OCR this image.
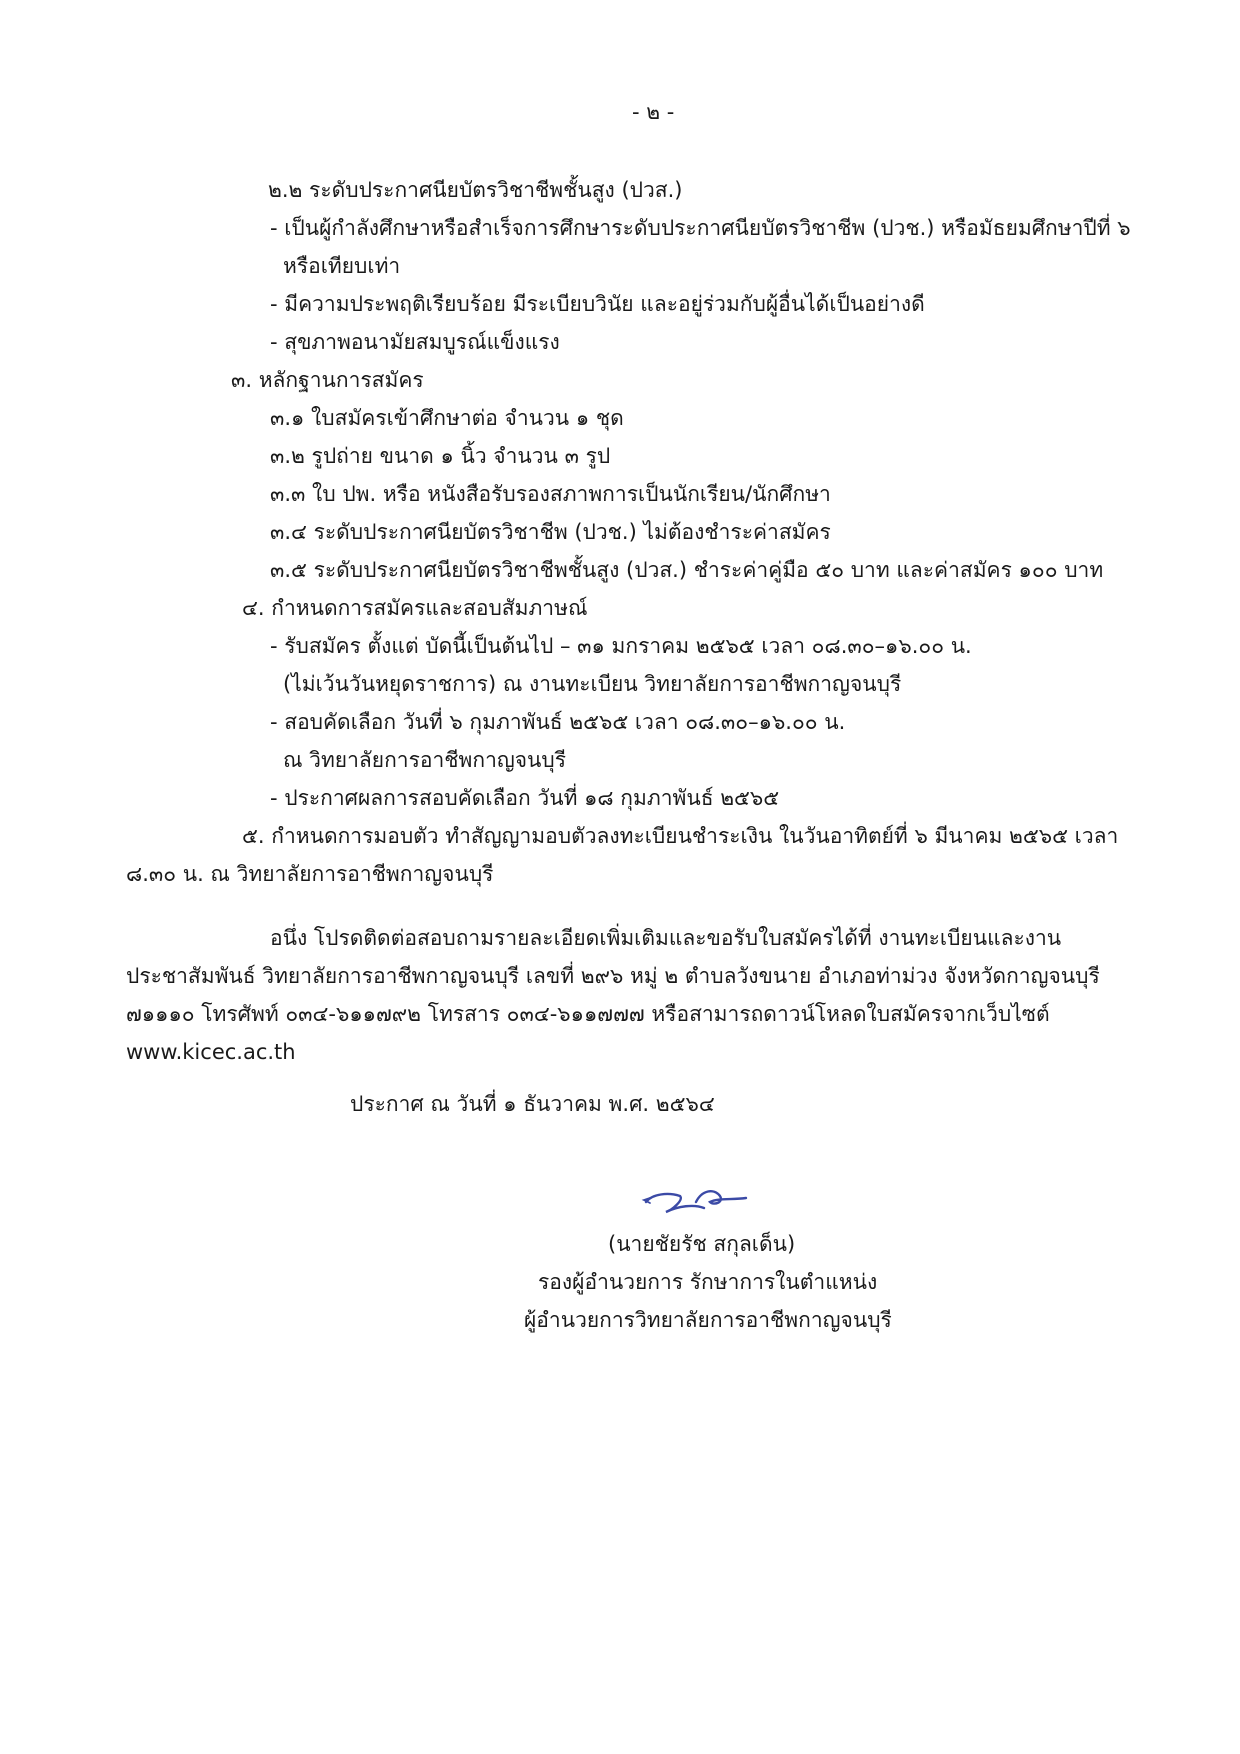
- ๒ -
๒.๒ ระดับประกาศนียบัตรวิชาชีพชั้นสูง (ปวส.)
- เป็นผู้กำลังศึกษาหรือสำเร็จการศึกษาระดับประกาศนียบัตรวิชาชีพ (ปวช.) หรือมัธยมศึกษาปีที่ ๖
หรือเทียบเท่า
- มีความประพฤติเรียบร้อย มีระเบียบวินัย และอยู่ร่วมกับผู้อื่นได้เป็นอย่างดี
- สุขภาพอนามัยสมบูรณ์แข็งแรง
๓. หลักฐานการสมัคร
๓.๑ ใบสมัครเข้าศึกษาต่อ จำนวน ๑ ชุด
๓.๒ รูปถ่าย ขนาด ๑ นิ้ว จำนวน ๓ รูป
๓.๓ ใบ ปพ. หรือ หนังสือรับรองสภาพการเป็นนักเรียน/นักศึกษา
๓.๔ ระดับประกาศนียบัตรวิชาชีพ (ปวช.) ไม่ต้องชำระค่าสมัคร
๓.๕ ระดับประกาศนียบัตรวิชาชีพชั้นสูง (ปวส.) ชำระค่าคู่มือ ๕๐ บาท และค่าสมัคร ๑๐๐ บาท
๔. กำหนดการสมัครและสอบสัมภาษณ์
- รับสมัคร ตั้งแต่ บัดนี้เป็นต้นไป – ๓๑ มกราคม ๒๕๖๕ เวลา ๐๘.๓๐–๑๖.๐๐ น.
(ไม่เว้นวันหยุดราชการ) ณ งานทะเบียน วิทยาลัยการอาชีพกาญจนบุรี
- สอบคัดเลือก วันที่ ๖ กุมภาพันธ์ ๒๕๖๕ เวลา ๐๘.๓๐–๑๖.๐๐ น.
ณ วิทยาลัยการอาชีพกาญจนบุรี
- ประกาศผลการสอบคัดเลือก วันที่ ๑๘ กุมภาพันธ์ ๒๕๖๕
๕. กำหนดการมอบตัว ทำสัญญามอบตัวลงทะเบียนชำระเงิน ในวันอาทิตย์ที่ ๖ มีนาคม ๒๕๖๕ เวลา
๘.๓๐ น. ณ วิทยาลัยการอาชีพกาญจนบุรี
อนึ่ง โปรดติดต่อสอบถามรายละเอียดเพิ่มเติมและขอรับใบสมัครได้ที่ งานทะเบียนและงาน
ประชาสัมพันธ์ วิทยาลัยการอาชีพกาญจนบุรี เลขที่ ๒๙๖ หมู่ ๒ ตำบลวังขนาย อำเภอท่าม่วง จังหวัดกาญจนบุรี
๗๑๑๑๐ โทรศัพท์ ๐๓๔-๖๑๑๗๙๒ โทรสาร ๐๓๔-๖๑๑๗๗๗ หรือสามารถดาวน์โหลดใบสมัครจากเว็บไซต์
www.kicec.ac.th
ประกาศ ณ วันที่ ๑ ธันวาคม พ.ศ. ๒๕๖๔
(นายชัยรัช สกุลเด็น)
รองผู้อำนวยการ รักษาการในตำแหน่ง
ผู้อำนวยการวิทยาลัยการอาชีพกาญจนบุรี
